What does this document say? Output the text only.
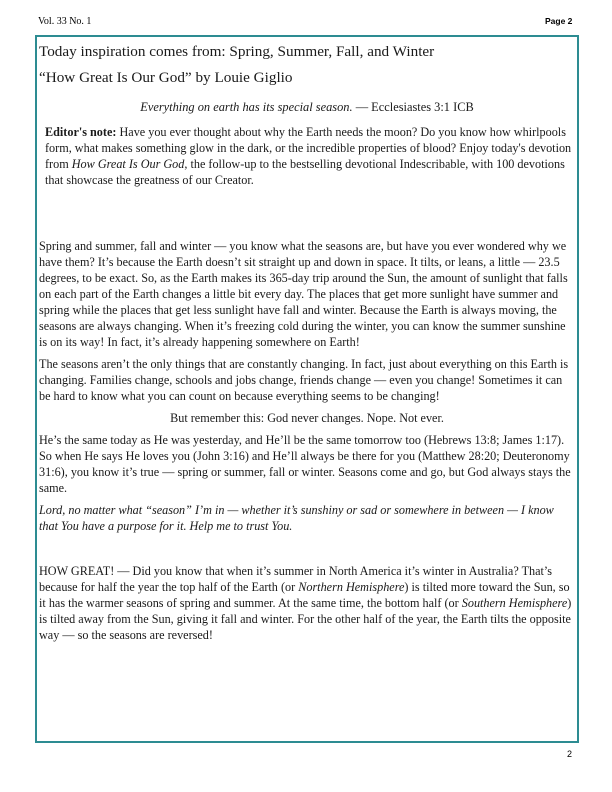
Vol. 33 No. 1	Page 2
Today inspiration comes from: Spring, Summer, Fall, and Winter
“How Great Is Our God” by Louie Giglio
Everything on earth has its special season. — Ecclesiastes 3:1 ICB
Editor's note: Have you ever thought about why the Earth needs the moon? Do you know how whirlpools form, what makes something glow in the dark, or the incredible properties of blood? Enjoy today's devotion from How Great Is Our God, the follow-up to the bestselling devotional Indescribable, with 100 devotions that showcase the greatness of our Creator.

Spring and summer, fall and winter — you know what the seasons are, but have you ever wondered why we have them? It’s because the Earth doesn’t sit straight up and down in space. It tilts, or leans, a little — 23.5 degrees, to be exact. So, as the Earth makes its 365-day trip around the Sun, the amount of sunlight that falls on each part of the Earth changes a little bit every day. The places that get more sunlight have summer and spring while the places that get less sunlight have fall and winter. Because the Earth is always moving, the seasons are always changing. When it’s freezing cold during the winter, you can know the summer sunshine is on its way! In fact, it’s already happening somewhere on Earth!

The seasons aren’t the only things that are constantly changing. In fact, just about everything on this Earth is changing. Families change, schools and jobs change, friends change — even you change! Sometimes it can be hard to know what you can count on because everything seems to be changing!

But remember this: God never changes. Nope. Not ever.

He’s the same today as He was yesterday, and He’ll be the same tomorrow too (Hebrews 13:8; James 1:17). So when He says He loves you (John 3:16) and He’ll always be there for you (Matthew 28:20; Deuteronomy 31:6), you know it’s true — spring or summer, fall or winter. Seasons come and go, but God always stays the same.

Lord, no matter what “season” I’m in — whether it’s sunshiny or sad or somewhere in between — I know that You have a purpose for it. Help me to trust You.

HOW GREAT! — Did you know that when it’s summer in North America it’s winter in Australia? That’s because for half the year the top half of the Earth (or Northern Hemisphere) is tilted more toward the Sun, so it has the warmer seasons of spring and summer. At the same time, the bottom half (or Southern Hemisphere) is tilted away from the Sun, giving it fall and winter. For the other half of the year, the Earth tilts the opposite way — so the seasons are reversed!

2
